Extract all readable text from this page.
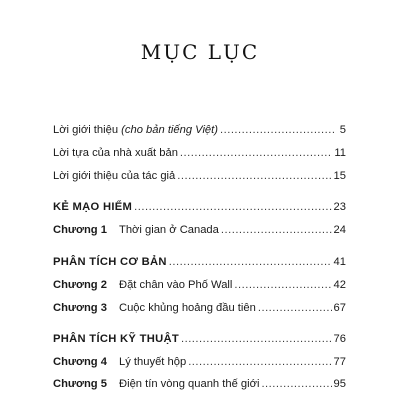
MỤC LỤC
Lời giới thiệu (cho bản tiếng Việt) .....	5
Lời tựa của nhà xuất bản .....	11
Lời giới thiệu của tác giả .....	15
KẺ MẠO HIỂM .....	23
Chương 1	Thời gian ở Canada .....	24
PHÂN TÍCH CƠ BẢN .....	41
Chương 2	Đặt chân vào Phố Wall .....	42
Chương 3	Cuộc khủng hoảng đầu tiên .....	67
PHÂN TÍCH KỸ THUẬT .....	76
Chương 4	Lý thuyết hộp .....	77
Chương 5	Điện tín vòng quanh thế giới .....	95
